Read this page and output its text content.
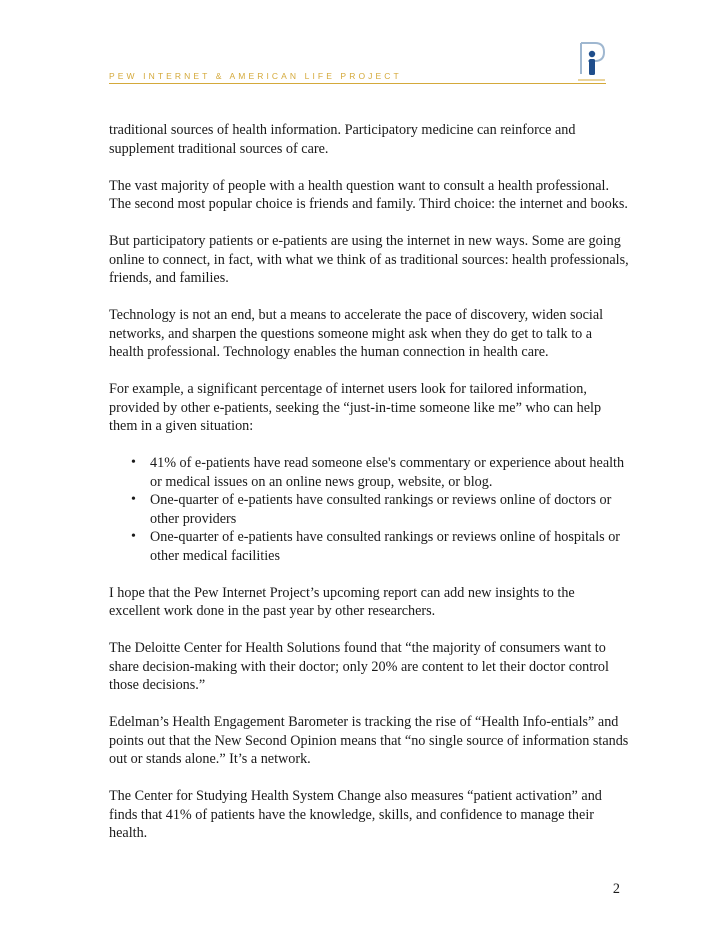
PEW INTERNET & AMERICAN LIFE PROJECT

traditional sources of health information. Participatory medicine can reinforce and supplement traditional sources of care.

The vast majority of people with a health question want to consult a health professional. The second most popular choice is friends and family. Third choice: the internet and books.

But participatory patients or e-patients are using the internet in new ways. Some are going online to connect, in fact, with what we think of as traditional sources: health professionals, friends, and families.

Technology is not an end, but a means to accelerate the pace of discovery, widen social networks, and sharpen the questions someone might ask when they do get to talk to a health professional. Technology enables the human connection in health care.

For example, a significant percentage of internet users look for tailored information, provided by other e-patients, seeking the “just-in-time someone like me” who can help them in a given situation:

• 41% of e-patients have read someone else's commentary or experience about health or medical issues on an online news group, website, or blog.
• One-quarter of e-patients have consulted rankings or reviews online of doctors or other providers
• One-quarter of e-patients have consulted rankings or reviews online of hospitals or other medical facilities

I hope that the Pew Internet Project’s upcoming report can add new insights to the excellent work done in the past year by other researchers.

The Deloitte Center for Health Solutions found that “the majority of consumers want to share decision-making with their doctor; only 20% are content to let their doctor control those decisions.”

Edelman’s Health Engagement Barometer is tracking the rise of “Health Info-entials” and points out that the New Second Opinion means that “no single source of information stands out or stands alone.” It’s a network.

The Center for Studying Health System Change also measures “patient activation” and finds that 41% of patients have the knowledge, skills, and confidence to manage their health.

2
